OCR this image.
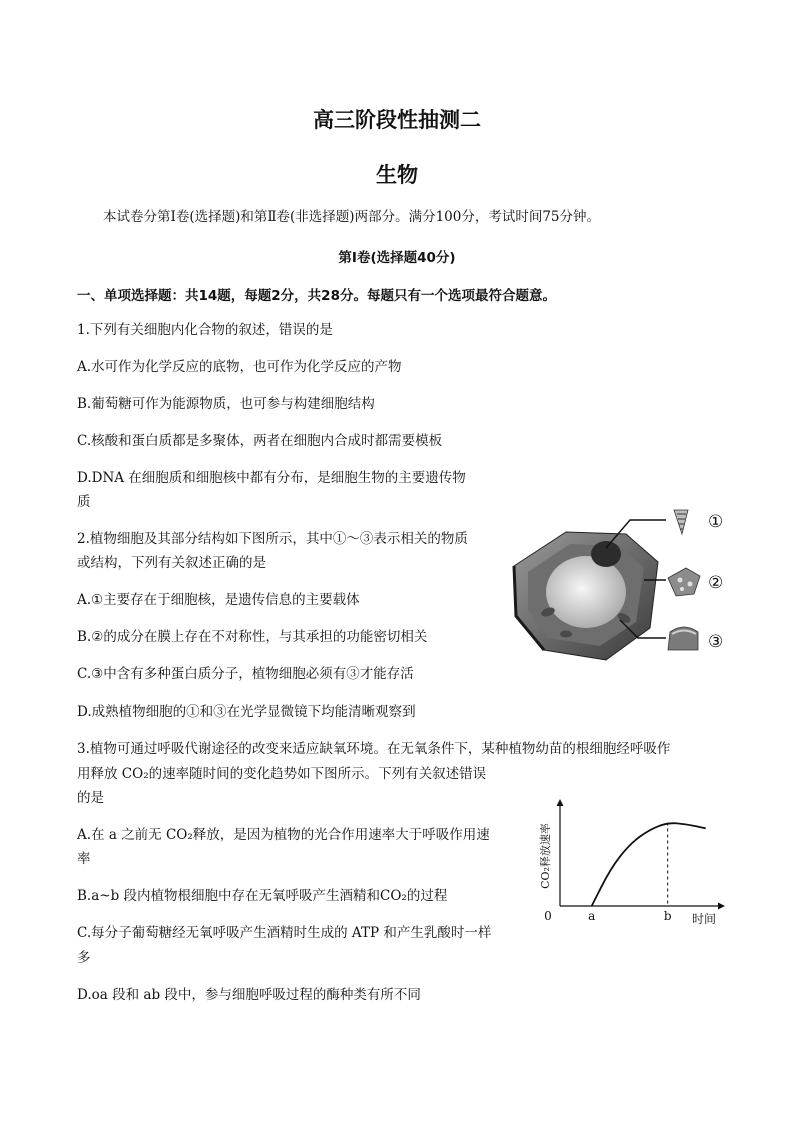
高三阶段性抽测二
生物
本试卷分第Ⅰ卷(选择题)和第Ⅱ卷(非选择题)两部分。满分100分，考试时间75分钟。
第Ⅰ卷(选择题40分)
一、单项选择题：共14题，每题2分，共28分。每题只有一个选项最符合题意。
1.下列有关细胞内化合物的叙述，错误的是
A.水可作为化学反应的底物，也可作为化学反应的产物
B.葡萄糖可作为能源物质，也可参与构建细胞结构
C.核酸和蛋白质都是多聚体，两者在细胞内合成时都需要模板
D.DNA 在细胞质和细胞核中都有分布，是细胞生物的主要遗传物
质
2.植物细胞及其部分结构如下图所示，其中①～③表示相关的物质
或结构，下列有关叙述正确的是
A.①主要存在于细胞核，是遗传信息的主要载体
B.②的成分在膜上存在不对称性，与其承担的功能密切相关
C.③中含有多种蛋白质分子，植物细胞必须有③才能存活
D.成熟植物细胞的①和③在光学显微镜下均能清晰观察到
①
②
③
3.植物可通过呼吸代谢途径的改变来适应缺氧环境。在无氧条件下，某种植物幼苗的根细胞经呼吸作
用释放 CO₂的速率随时间的变化趋势如下图所示。下列有关叙述错误
的是
A.在 a 之前无 CO₂释放，是因为植物的光合作用速率大于呼吸作用速
率
B.a~b 段内植物根细胞中存在无氧呼吸产生酒精和CO₂的过程
C.每分子葡萄糖经无氧呼吸产生酒精时生成的 ATP 和产生乳酸时一样
多
D.oa 段和 ab 段中，参与细胞呼吸过程的酶种类有所不同
0	a	b 时间
CO₂释放速率
